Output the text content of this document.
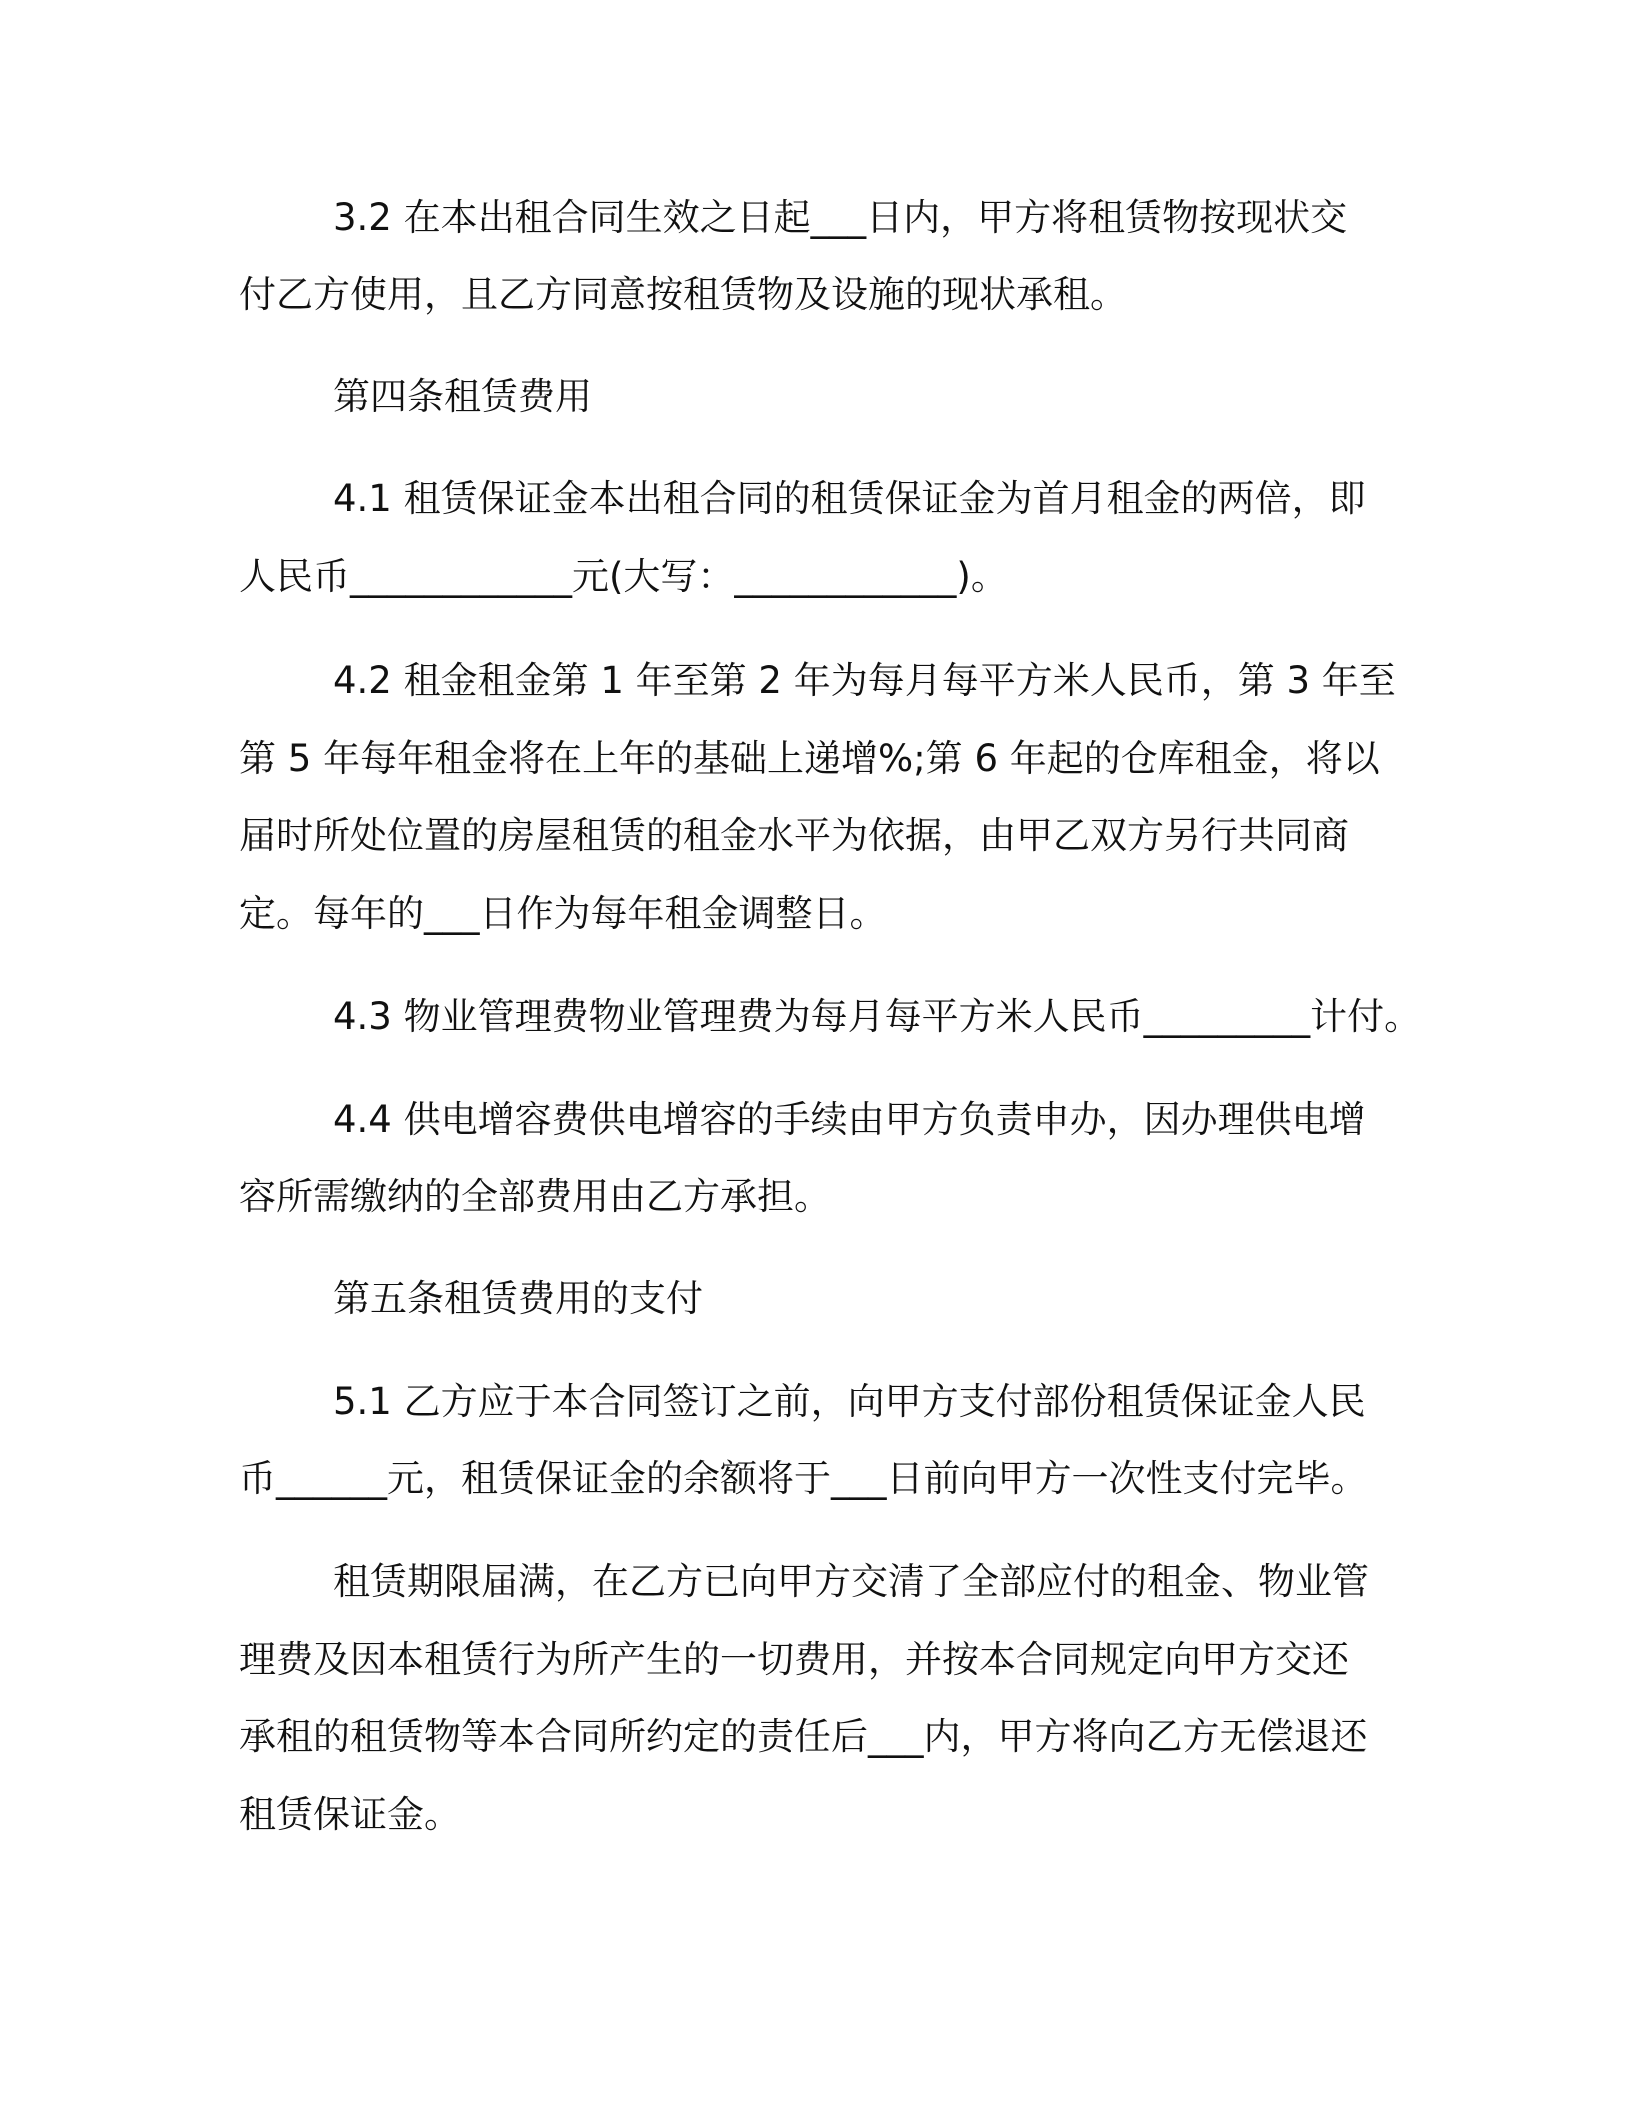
3.2 在本出租合同生效之日起___日内，甲方将租赁物按现状交
付乙方使用，且乙方同意按租赁物及设施的现状承租。
第四条租赁费用
4.1 租赁保证金本出租合同的租赁保证金为首月租金的两倍，即
人民币____________元(大写：____________)。
4.2 租金租金第 1 年至第 2 年为每月每平方米人民币，第 3 年至
第 5 年每年租金将在上年的基础上递增%;第 6 年起的仓库租金，将以
届时所处位置的房屋租赁的租金水平为依据，由甲乙双方另行共同商
定。每年的___日作为每年租金调整日。
4.3 物业管理费物业管理费为每月每平方米人民币_________计付。
4.4 供电增容费供电增容的手续由甲方负责申办，因办理供电增
容所需缴纳的全部费用由乙方承担。
第五条租赁费用的支付
5.1 乙方应于本合同签订之前，向甲方支付部份租赁保证金人民
币______元，租赁保证金的余额将于___日前向甲方一次性支付完毕。
租赁期限届满，在乙方已向甲方交清了全部应付的租金、物业管
理费及因本租赁行为所产生的一切费用，并按本合同规定向甲方交还
承租的租赁物等本合同所约定的责任后___内，甲方将向乙方无偿退还
租赁保证金。
